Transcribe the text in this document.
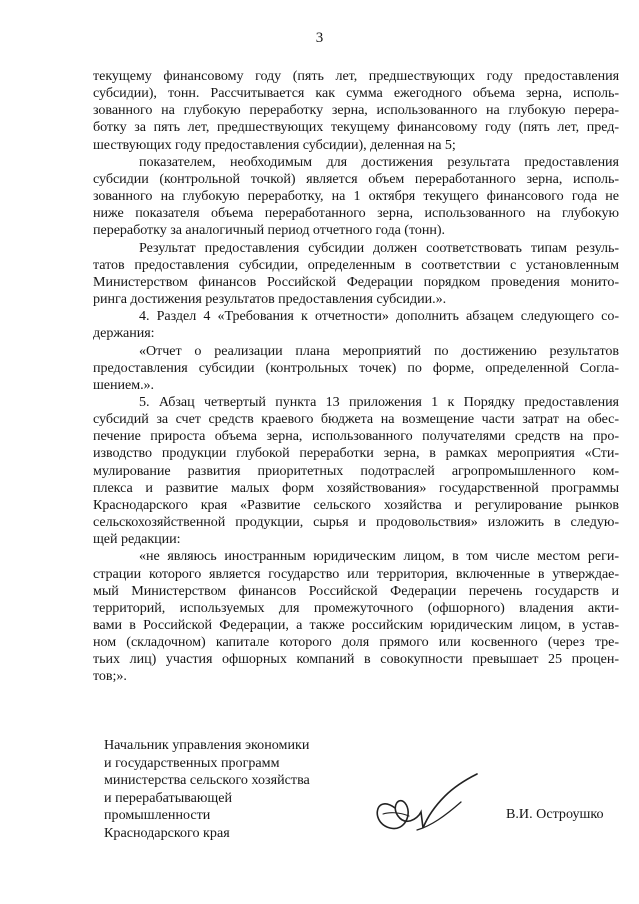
3
текущему финансовому году (пять лет, предшествующих году предоставления
субсидии), тонн. Рассчитывается как сумма ежегодного объема зерна, исполь-
зованного на глубокую переработку зерна, использованного на глубокую перера-
ботку за пять лет, предшествующих текущему финансовому году (пять лет, пред-
шествующих году предоставления субсидии), деленная на 5;
показателем, необходимым для достижения результата предоставления
субсидии (контрольной точкой) является объем переработанного зерна, исполь-
зованного на глубокую переработку, на 1 октября текущего финансового года не
ниже показателя объема переработанного зерна, использованного на глубокую
переработку за аналогичный период отчетного года (тонн).
Результат предоставления субсидии должен соответствовать типам резуль-
татов предоставления субсидии, определенным в соответствии с установленным
Министерством финансов Российской Федерации порядком проведения монито-
ринга достижения результатов предоставления субсидии.».
4. Раздел 4 «Требования к отчетности» дополнить абзацем следующего со-
держания:
«Отчет о реализации плана мероприятий по достижению результатов
предоставления субсидии (контрольных точек) по форме, определенной Согла-
шением.».
5. Абзац четвертый пункта 13 приложения 1 к Порядку предоставления
субсидий за счет средств краевого бюджета на возмещение части затрат на обес-
печение прироста объема зерна, использованного получателями средств на про-
изводство продукции глубокой переработки зерна, в рамках мероприятия «Сти-
мулирование развития приоритетных подотраслей агропромышленного ком-
плекса и развитие малых форм хозяйствования» государственной программы
Краснодарского края «Развитие сельского хозяйства и регулирование рынков
сельскохозяйственной продукции, сырья и продовольствия» изложить в следую-
щей редакции:
«не являюсь иностранным юридическим лицом, в том числе местом реги-
страции которого является государство или территория, включенные в утверждае-
мый Министерством финансов Российской Федерации перечень государств и
территорий, используемых для промежуточного (офшорного) владения акти-
вами в Российской Федерации, а также российским юридическим лицом, в устав-
ном (складочном) капитале которого доля прямого или косвенного (через тре-
тьих лиц) участия офшорных компаний в совокупности превышает 25 процен-
тов;».
Начальник управления экономики
и государственных программ
министерства сельского хозяйства
и перерабатывающей
промышленности
Краснодарского края
В.И. Остроушко
